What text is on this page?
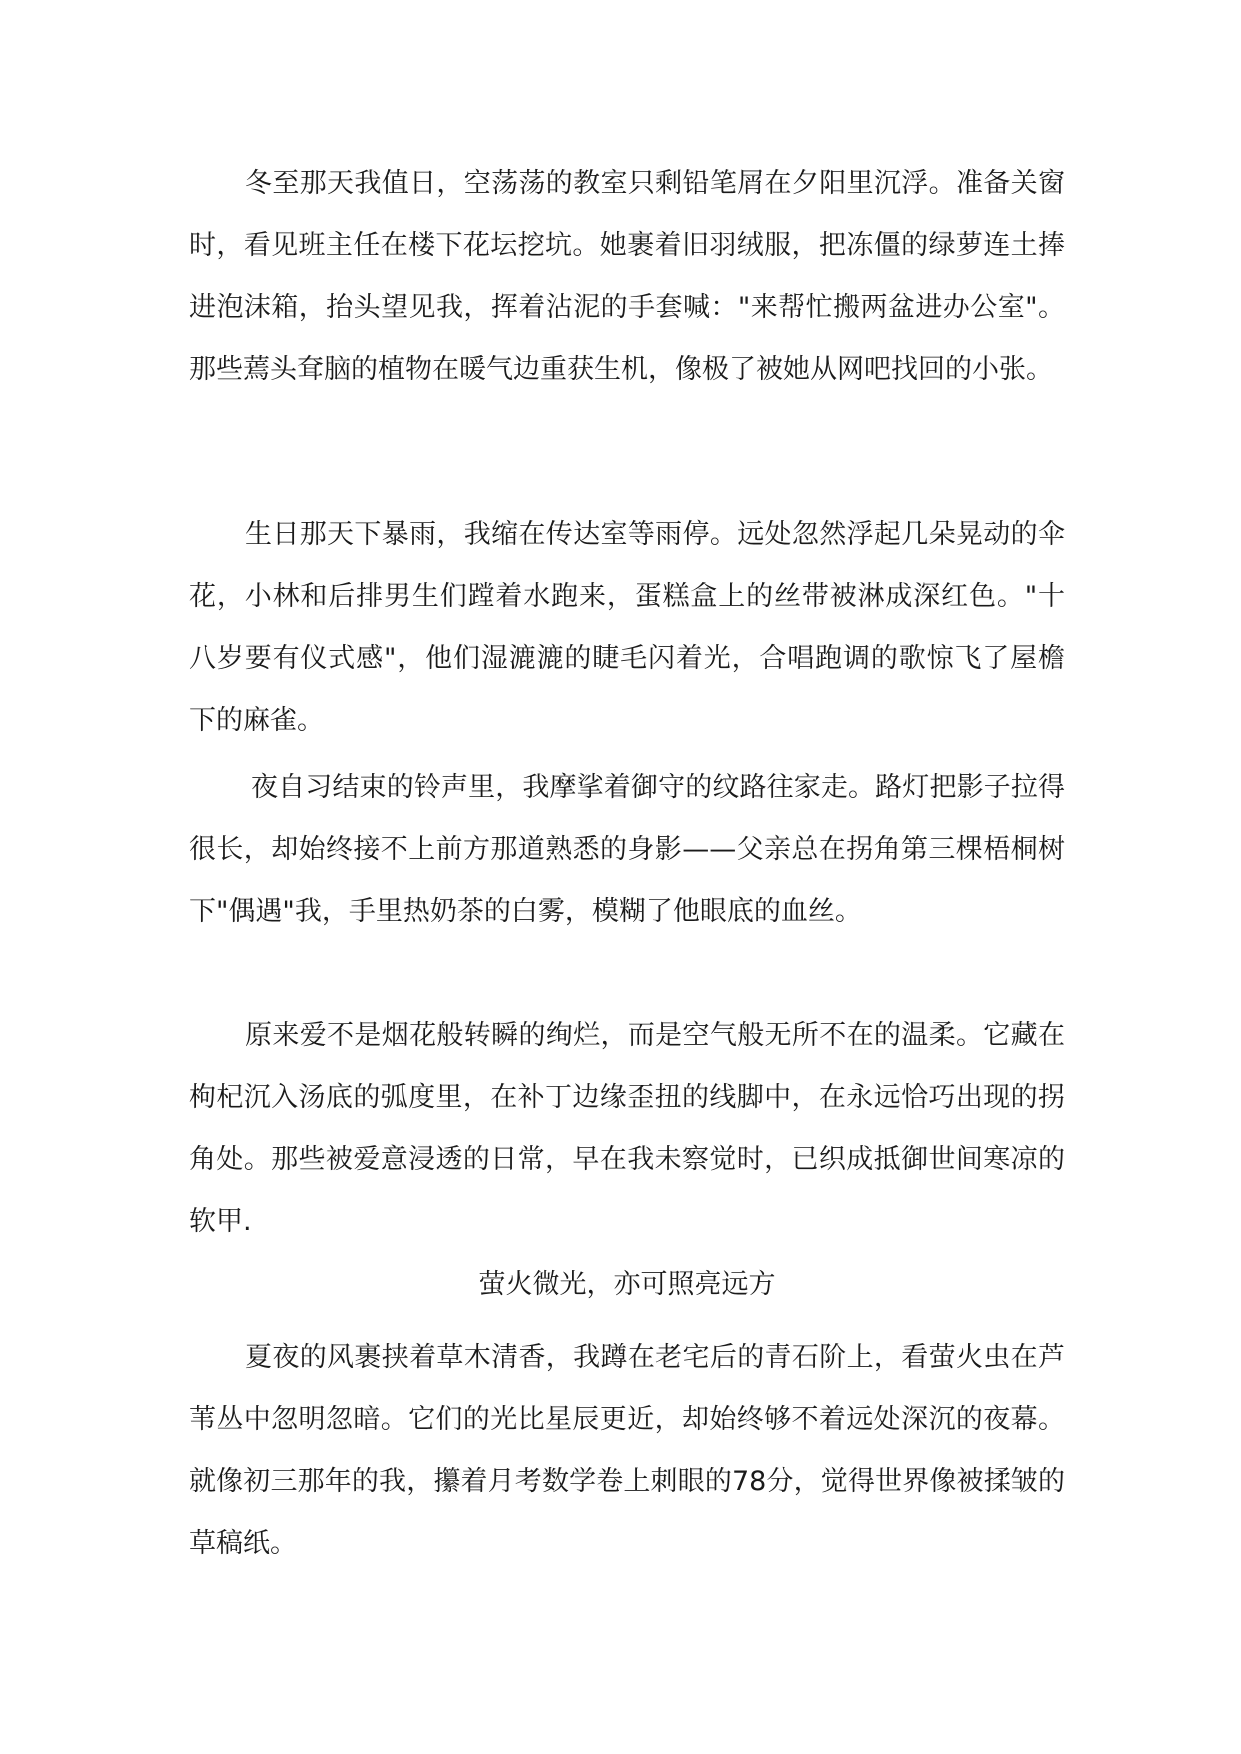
冬至那天我值日，空荡荡的教室只剩铅笔屑在夕阳里沉浮。准备关窗时，看见班主任在楼下花坛挖坑。她裹着旧羽绒服，把冻僵的绿萝连土捧进泡沫箱，抬头望见我，挥着沾泥的手套喊："来帮忙搬两盆进办公室"。那些蔫头耷脑的植物在暖气边重获生机，像极了被她从网吧找回的小张。

生日那天下暴雨，我缩在传达室等雨停。远处忽然浮起几朵晃动的伞花，小林和后排男生们蹚着水跑来，蛋糕盒上的丝带被淋成深红色。"十八岁要有仪式感"，他们湿漉漉的睫毛闪着光，合唱跑调的歌惊飞了屋檐下的麻雀。

夜自习结束的铃声里，我摩挲着御守的纹路往家走。路灯把影子拉得很长，却始终接不上前方那道熟悉的身影——父亲总在拐角第三棵梧桐树下"偶遇"我，手里热奶茶的白雾，模糊了他眼底的血丝。

原来爱不是烟花般转瞬的绚烂，而是空气般无所不在的温柔。它藏在枸杞沉入汤底的弧度里，在补丁边缘歪扭的线脚中，在永远恰巧出现的拐角处。那些被爱意浸透的日常，早在我未察觉时，已织成抵御世间寒凉的软甲.

萤火微光，亦可照亮远方

夏夜的风裹挟着草木清香，我蹲在老宅后的青石阶上，看萤火虫在芦苇丛中忽明忽暗。它们的光比星辰更近，却始终够不着远处深沉的夜幕。就像初三那年的我，攥着月考数学卷上刺眼的78分，觉得世界像被揉皱的草稿纸。
